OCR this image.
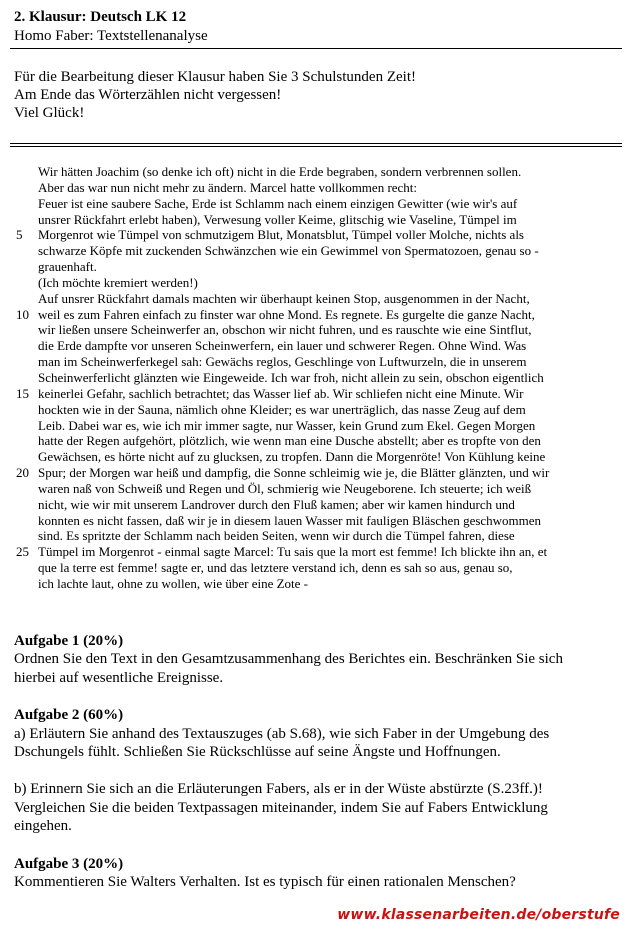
2. Klausur: Deutsch LK 12
Homo Faber: Textstellenanalyse
Für die Bearbeitung dieser Klausur haben Sie 3 Schulstunden Zeit!
Am Ende das Wörterzählen nicht vergessen!
Viel Glück!
Wir hätten Joachim (so denke ich oft) nicht in die Erde begraben, sondern verbrennen sollen.
Aber das war nun nicht mehr zu ändern. Marcel hatte vollkommen recht:
Feuer ist eine saubere Sache, Erde ist Schlamm nach einem einzigen Gewitter (wie wir's auf
unsrer Rückfahrt erlebt haben), Verwesung voller Keime, glitschig wie Vaseline, Tümpel im
5 Morgenrot wie Tümpel von schmutzigem Blut, Monatsblut, Tümpel voller Molche, nichts als
schwarze Köpfe mit zuckenden Schwänzchen wie ein Gewimmel von Spermatozoen, genau so -
grauenhaft.
(Ich möchte kremiert werden!)
Auf unsrer Rückfahrt damals machten wir überhaupt keinen Stop, ausgenommen in der Nacht,
10 weil es zum Fahren einfach zu finster war ohne Mond. Es regnete. Es gurgelte die ganze Nacht,
wir ließen unsere Scheinwerfer an, obschon wir nicht fuhren, und es rauschte wie eine Sintflut,
die Erde dampfte vor unseren Scheinwerfern, ein lauer und schwerer Regen. Ohne Wind. Was
man im Scheinwerferkegel sah: Gewächs reglos, Geschlinge von Luftwurzeln, die in unserem
Scheinwerferlicht glänzten wie Eingeweide. Ich war froh, nicht allein zu sein, obschon eigentlich
15 keinerlei Gefahr, sachlich betrachtet; das Wasser lief ab. Wir schliefen nicht eine Minute. Wir
hockten wie in der Sauna, nämlich ohne Kleider; es war unerträglich, das nasse Zeug auf dem
Leib. Dabei war es, wie ich mir immer sagte, nur Wasser, kein Grund zum Ekel. Gegen Morgen
hatte der Regen aufgehört, plötzlich, wie wenn man eine Dusche abstellt; aber es tropfte von den
Gewächsen, es hörte nicht auf zu glucksen, zu tropfen. Dann die Morgenröte! Von Kühlung keine
20 Spur; der Morgen war heiß und dampfig, die Sonne schleimig wie je, die Blätter glänzten, und wir
waren naß von Schweiß und Regen und Öl, schmierig wie Neugeborene. Ich steuerte; ich weiß
nicht, wie wir mit unserem Landrover durch den Fluß kamen; aber wir kamen hindurch und
konnten es nicht fassen, daß wir je in diesem lauen Wasser mit fauligen Bläschen geschwommen
sind. Es spritzte der Schlamm nach beiden Seiten, wenn wir durch die Tümpel fahren, diese
25 Tümpel im Morgenrot - einmal sagte Marcel: Tu sais que la mort est femme! Ich blickte ihn an, et
que la terre est femme! sagte er, und das letztere verstand ich, denn es sah so aus, genau so,
ich lachte laut, ohne zu wollen, wie über eine Zote -
Aufgabe 1 (20%)
Ordnen Sie den Text in den Gesamtzusammenhang des Berichtes ein. Beschränken Sie sich
hierbei auf wesentliche Ereignisse.
Aufgabe 2 (60%)
a) Erläutern Sie anhand des Textauszuges (ab S.68), wie sich Faber in der Umgebung des
Dschungels fühlt. Schließen Sie Rückschlüsse auf seine Ängste und Hoffnungen.
b) Erinnern Sie sich an die Erläuterungen Fabers, als er in der Wüste abstürzte (S.23ff.)!
Vergleichen Sie die beiden Textpassagen miteinander, indem Sie auf Fabers Entwicklung
eingehen.
Aufgabe 3 (20%)
Kommentieren Sie Walters Verhalten. Ist es typisch für einen rationalen Menschen?
www.klassenarbeiten.de/oberstufe
